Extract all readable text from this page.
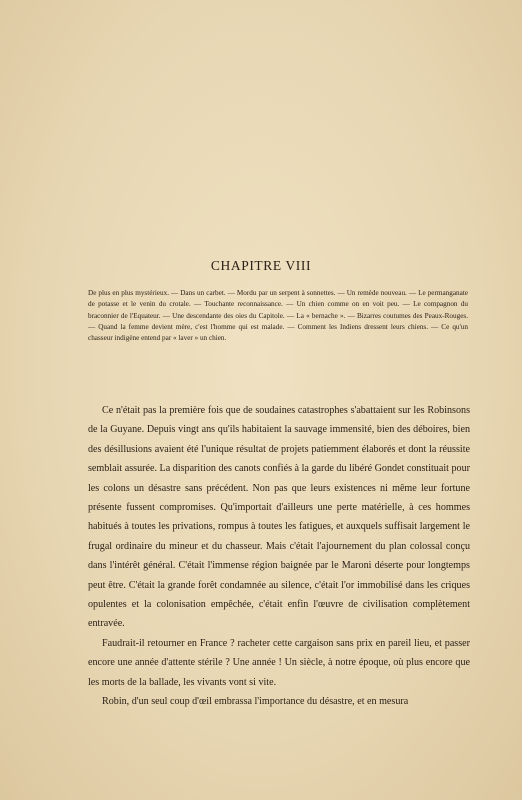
CHAPITRE VIII
De plus en plus mystérieux. — Dans un carbet. — Mordu par un serpent à sonnettes. — Un remède nouveau. — Le permanganate de potasse et le venin du crotale. — Touchante reconnaissance. — Un chien comme on en voit peu. — Le compagnon du braconnier de l'Equateur. — Une descendante des oies du Capitole. — La « bernache ». — Bizarres coutumes des Peaux-Rouges. — Quand la femme devient mère, c'est l'homme qui est malade. — Comment les Indiens dressent leurs chiens. — Ce qu'un chasseur indigène entend par « laver » un chien.

Ce n'était pas la première fois que de soudaines catastrophes s'abattaient sur les Robinsons de la Guyane. Depuis vingt ans qu'ils habitaient la sauvage immensité, bien des déboires, bien des désillusions avaient été l'unique résultat de projets patiemment élaborés et dont la réussite semblait assurée. La disparition des canots confiés à la garde du libéré Gondet constituait pour les colons un désastre sans précédent. Non pas que leurs existences ni même leur fortune présente fussent compromises. Qu'importait d'ailleurs une perte matérielle, à ces hommes habitués à toutes les privations, rompus à toutes les fatigues, et auxquels suffisait largement le frugal ordinaire du mineur et du chasseur. Mais c'était l'ajournement du plan colossal conçu dans l'intérêt général. C'était l'immense région baignée par le Maroni déserte pour longtemps peut être. C'était la grande forêt condamnée au silence, c'était l'or immobilisé dans les criques opulentes et la colonisation empêchée, c'était enfin l'œuvre de civilisation complètement entravée.

Faudrait-il retourner en France ? racheter cette cargaison sans prix en pareil lieu, et passer encore une année d'attente stérile ? Une année ! Un siècle, à notre époque, où plus encore que les morts de la ballade, les vivants vont si vite.

Robin, d'un seul coup d'œil embrassa l'importance du désastre, et en mesura
